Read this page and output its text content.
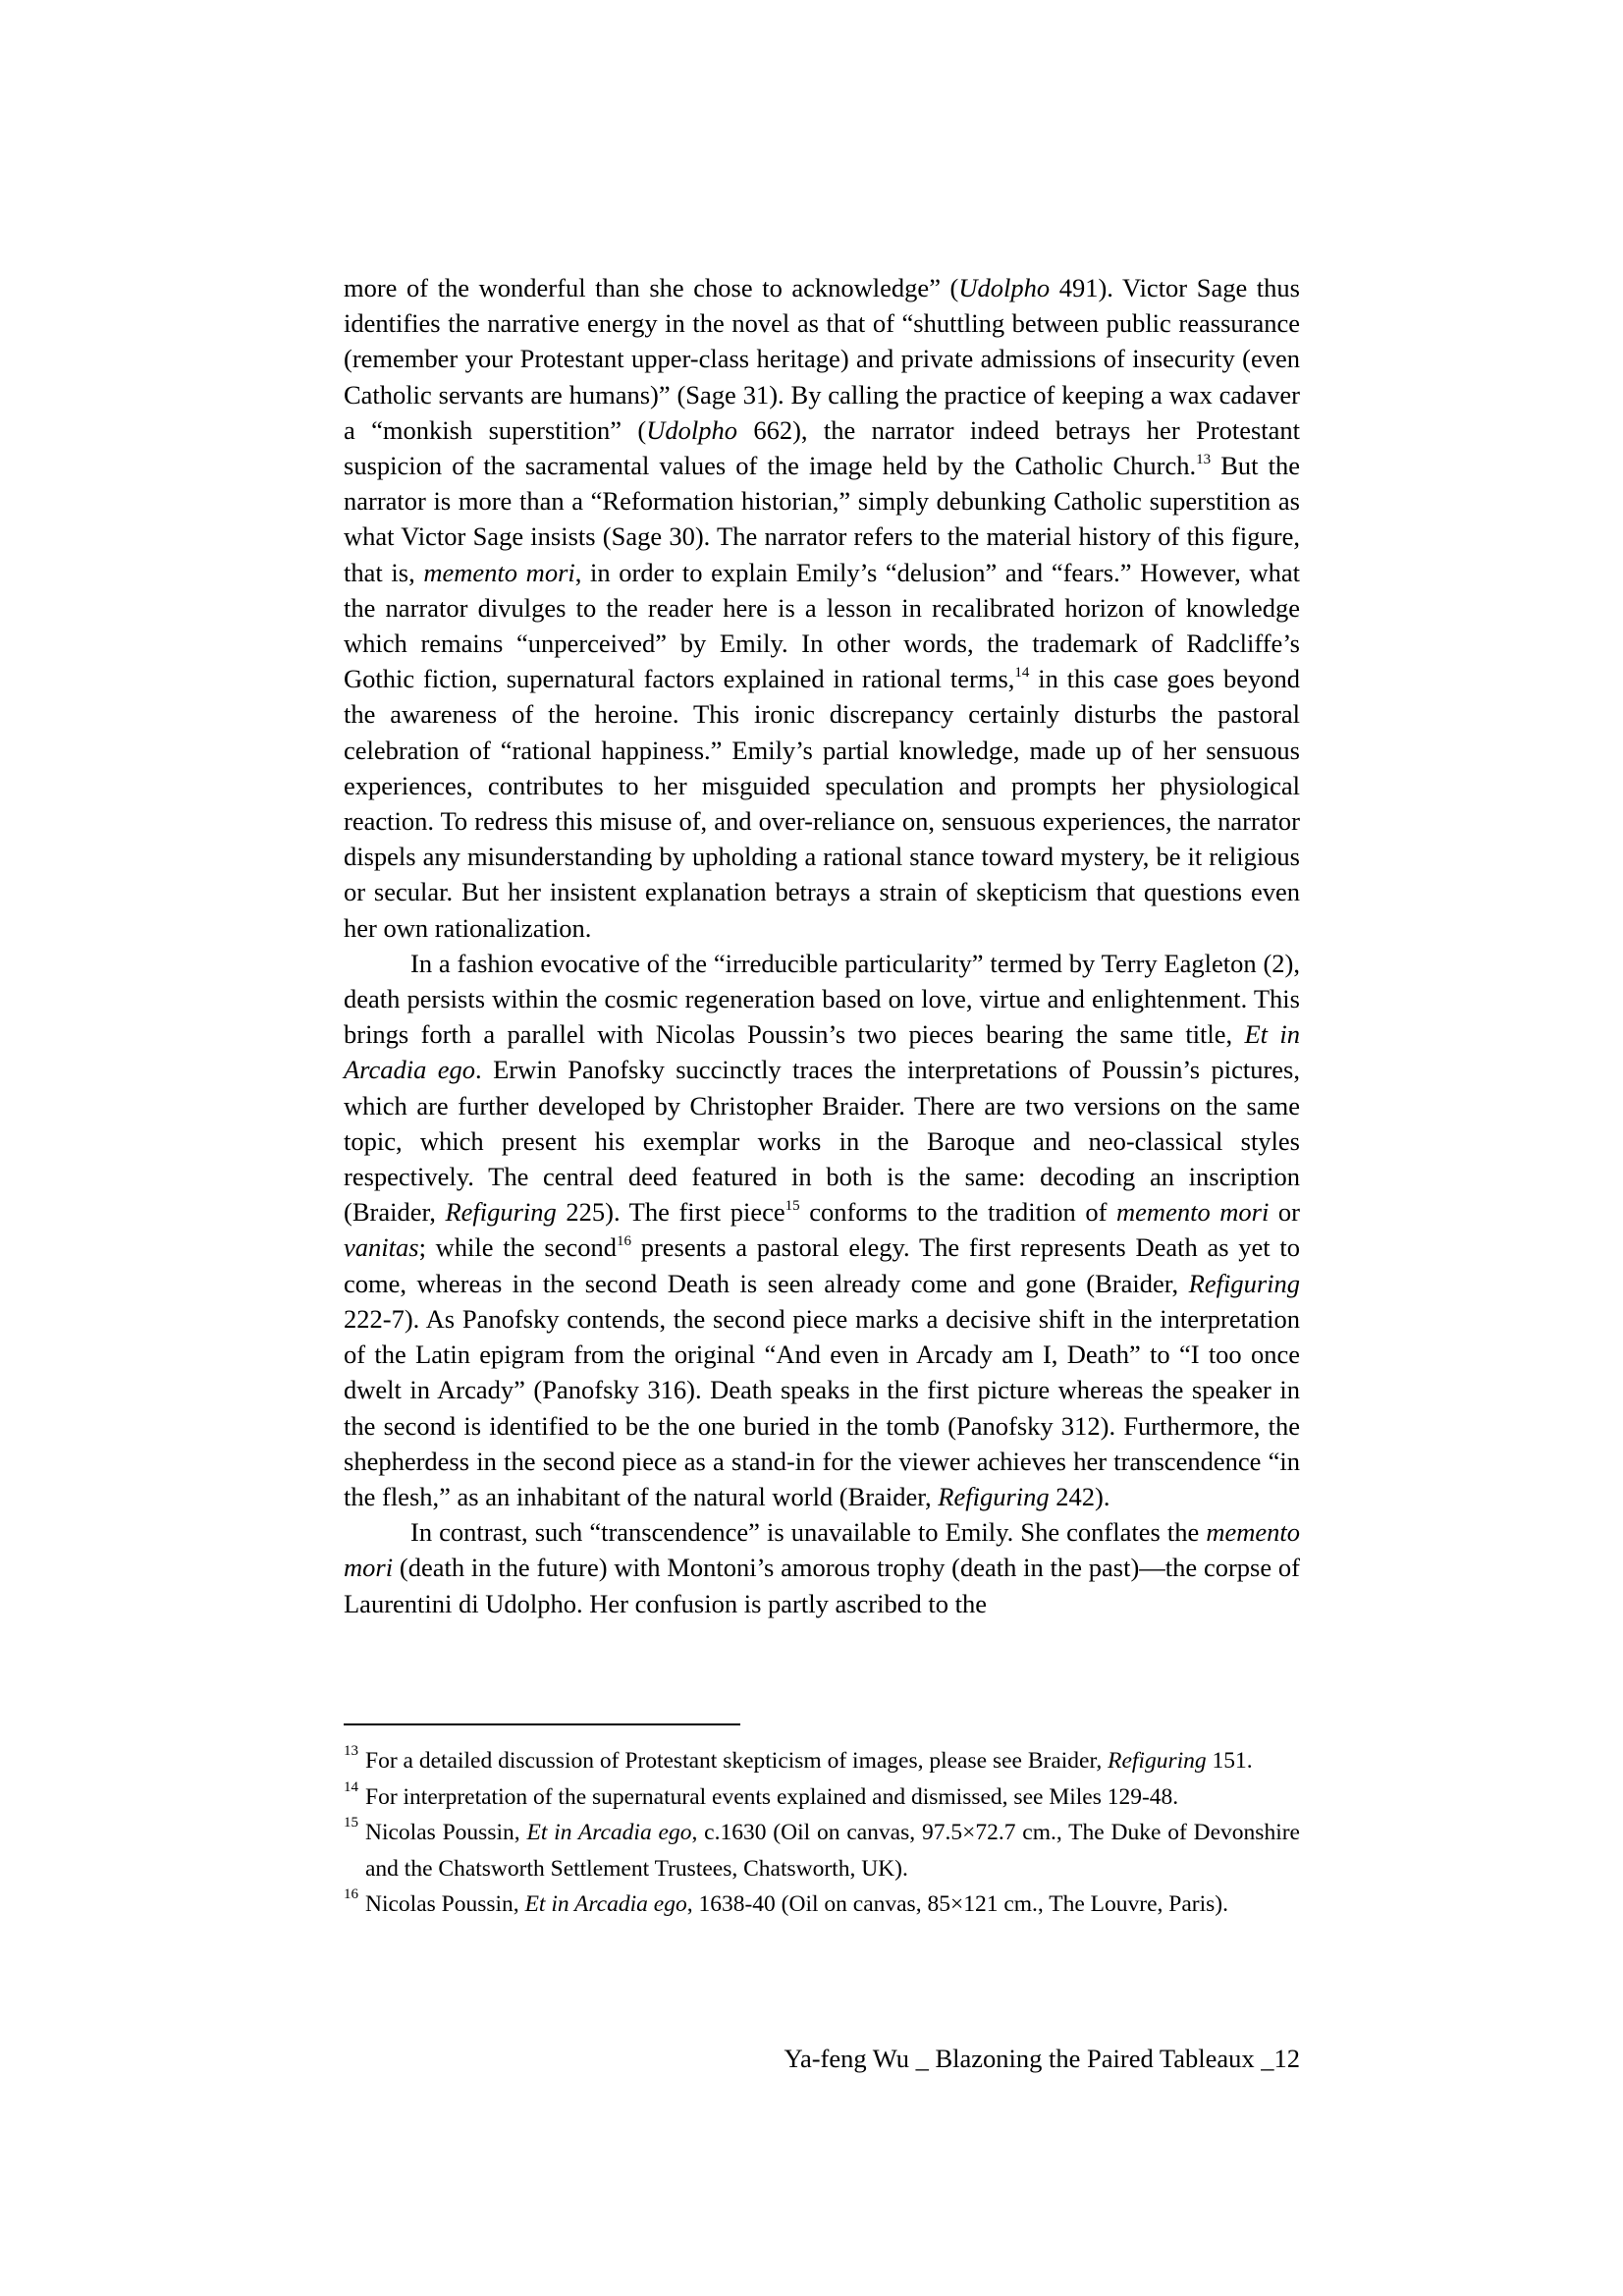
more of the wonderful than she chose to acknowledge” (Udolpho 491). Victor Sage thus identifies the narrative energy in the novel as that of “shuttling between public reassurance (remember your Protestant upper-class heritage) and private admissions of insecurity (even Catholic servants are humans)” (Sage 31). By calling the practice of keeping a wax cadaver a “monkish superstition” (Udolpho 662), the narrator indeed betrays her Protestant suspicion of the sacramental values of the image held by the Catholic Church.$^{13}$ But the narrator is more than a “Reformation historian,” simply debunking Catholic superstition as what Victor Sage insists (Sage 30). The narrator refers to the material history of this figure, that is, memento mori, in order to explain Emily’s “delusion” and “fears.” However, what the narrator divulges to the reader here is a lesson in recalibrated horizon of knowledge which remains “unperceived” by Emily. In other words, the trademark of Radcliffe’s Gothic fiction, supernatural factors explained in rational terms,$^{14}$ in this case goes beyond the awareness of the heroine. This ironic discrepancy certainly disturbs the pastoral celebration of “rational happiness.” Emily’s partial knowledge, made up of her sensuous experiences, contributes to her misguided speculation and prompts her physiological reaction. To redress this misuse of, and over-reliance on, sensuous experiences, the narrator dispels any misunderstanding by upholding a rational stance toward mystery, be it religious or secular. But her insistent explanation betrays a strain of skepticism that questions even her own rationalization.

In a fashion evocative of the “irreducible particularity” termed by Terry Eagleton (2), death persists within the cosmic regeneration based on love, virtue and enlightenment. This brings forth a parallel with Nicolas Poussin’s two pieces bearing the same title, Et in Arcadia ego. Erwin Panofsky succinctly traces the interpretations of Poussin’s pictures, which are further developed by Christopher Braider. There are two versions on the same topic, which present his exemplar works in the Baroque and neo-classical styles respectively. The central deed featured in both is the same: decoding an inscription (Braider, Refiguring 225). The first piece$^{15}$ conforms to the tradition of memento mori or vanitas; while the second$^{16}$ presents a pastoral elegy. The first represents Death as yet to come, whereas in the second Death is seen already come and gone (Braider, Refiguring 222-7). As Panofsky contends, the second piece marks a decisive shift in the interpretation of the Latin epigram from the original “And even in Arcady am I, Death” to “I too once dwelt in Arcady” (Panofsky 316). Death speaks in the first picture whereas the speaker in the second is identified to be the one buried in the tomb (Panofsky 312). Furthermore, the shepherdess in the second piece as a stand-in for the viewer achieves her transcendence “in the flesh,” as an inhabitant of the natural world (Braider, Refiguring 242).

In contrast, such “transcendence” is unavailable to Emily. She conflates the memento mori (death in the future) with Montoni’s amorous trophy (death in the past)—the corpse of Laurentini di Udolpho. Her confusion is partly ascribed to the

13 For a detailed discussion of Protestant skepticism of images, please see Braider, Refiguring 151.

14 For interpretation of the supernatural events explained and dismissed, see Miles 129-48.

15 Nicolas Poussin, Et in Arcadia ego, c.1630 (Oil on canvas, 97.5×72.7 cm., The Duke of Devonshire and the Chatsworth Settlement Trustees, Chatsworth, UK).

16 Nicolas Poussin, Et in Arcadia ego, 1638-40 (Oil on canvas, 85×121 cm., The Louvre, Paris).

Ya-feng Wu _ Blazoning the Paired Tableaux _12
